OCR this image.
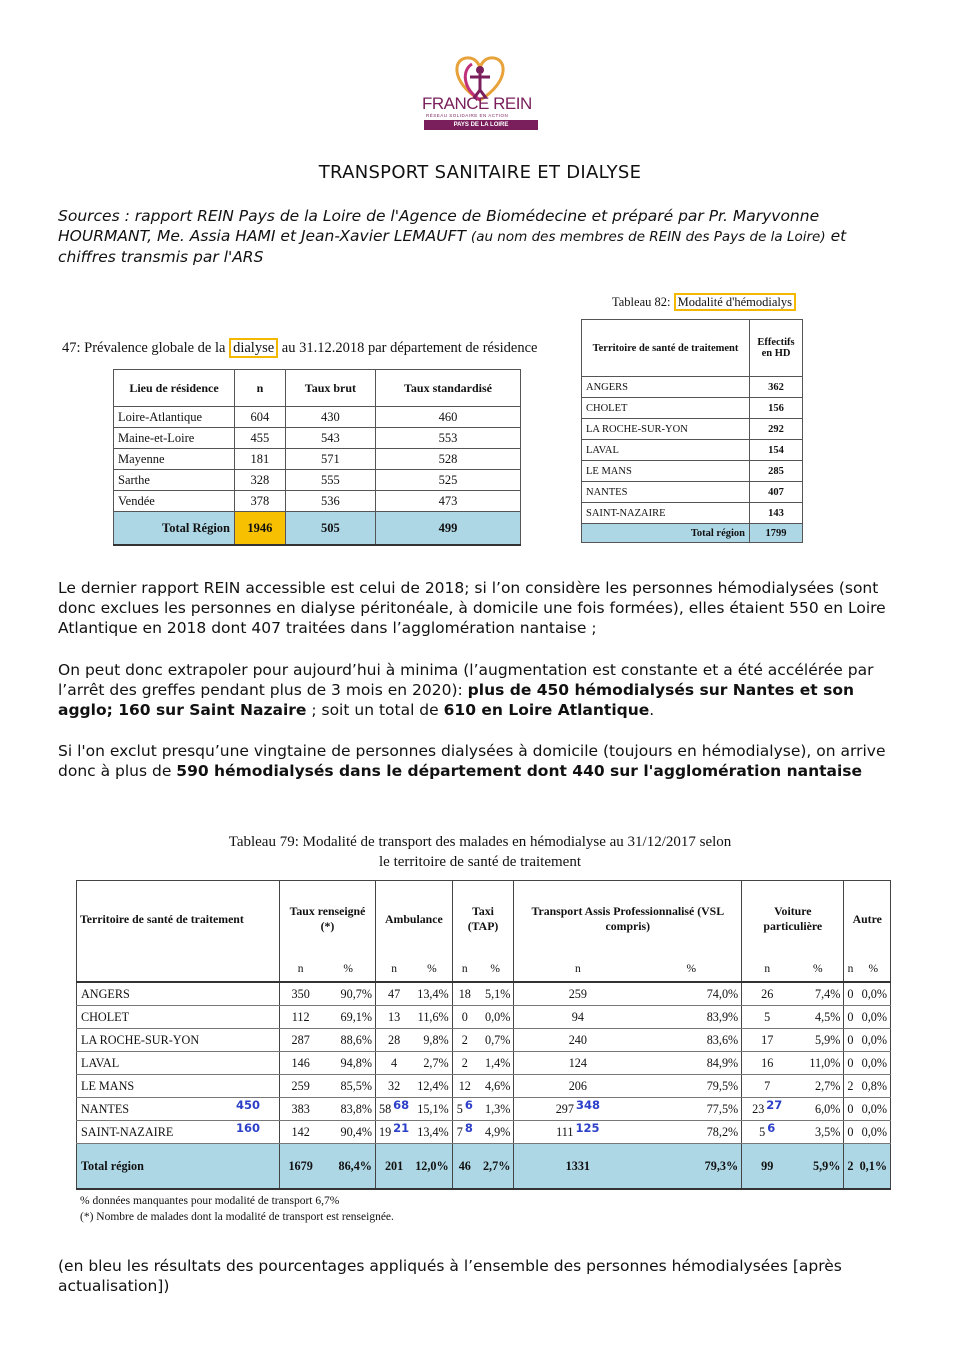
FRANCE REIN
RÉSEAU SOLIDAIRE EN ACTION
PAYS DE LA LOIRE
TRANSPORT SANITAIRE ET DIALYSE
Sources : rapport REIN Pays de la Loire de l'Agence de Biomédecine et préparé par Pr. Maryvonne HOURMANT, Me. Assia HAMI et Jean-Xavier LEMAUFT (au nom des membres de REIN des Pays de la Loire) et chiffres transmis par l'ARS
47: Prévalence globale de la dialyse au 31.12.2018 par département de résidence
Lieu de résidence	n	Taux brut	Taux standardisé
Loire-Atlantique	604	430	460
Maine-et-Loire	455	543	553
Mayenne	181	571	528
Sarthe	328	555	525
Vendée	378	536	473
Total Région	1946	505	499
Tableau 82: Modalité d'hémodialys
Territoire de santé de traitement	Effectifs en HD
ANGERS	362
CHOLET	156
LA ROCHE-SUR-YON	292
LAVAL	154
LE MANS	285
NANTES	407
SAINT-NAZAIRE	143
Total région	1799
Le dernier rapport REIN accessible est celui de 2018; si l’on considère les personnes hémodialysées (sont donc exclues les personnes en dialyse péritonéale, à domicile une fois formées), elles étaient 550 en Loire Atlantique en 2018 dont 407 traitées dans l’agglomération nantaise ;
On peut donc extrapoler pour aujourd’hui à minima (l’augmentation est constante et a été accélérée par l’arrêt des greffes pendant plus de 3 mois en 2020): plus de 450 hémodialysés sur Nantes et son agglo; 160 sur Saint Nazaire ; soit un total de 610 en Loire Atlantique.
Si l'on exclut presqu’une vingtaine de personnes dialysées à domicile (toujours en hémodialyse), on arrive donc à plus de 590 hémodialysés dans le département dont 440 sur l'agglomération nantaise
Tableau 79: Modalité de transport des malades en hémodialyse au 31/12/2017 selon
le territoire de santé de traitement
Territoire de santé de traitement	Taux renseigné (*)		Ambulance		Taxi (TAP)		Transport Assis Professionnalisé (VSL compris)		Voiture particulière		Autre	
	n	%	n	%	n	%	n	%	n	%	n	%
ANGERS	350	90,7%	47	13,4%	18	5,1%	259	74,0%	26	7,4%	0	0,0%
CHOLET	112	69,1%	13	11,6%	0	0,0%	94	83,9%	5	4,5%	0	0,0%
LA ROCHE-SUR-YON	287	88,6%	28	9,8%	2	0,7%	240	83,6%	17	5,9%	0	0,0%
LAVAL	146	94,8%	4	2,7%	2	1,4%	124	84,9%	16	11,0%	0	0,0%
LE MANS	259	85,5%	32	12,4%	12	4,6%	206	79,5%	7	2,7%	2	0,8%
NANTES 450	383	83,8%	58 68	15,1%	5 6	1,3%	297 348	77,5%	23 27	6,0%	0	0,0%
SAINT-NAZAIRE 160	142	90,4%	19 21	13,4%	7 8	4,9%	111 125	78,2%	5 6	3,5%	0	0,0%
Total région	1679	86,4%	201	12,0%	46	2,7%	1331	79,3%	99	5,9%	2	0,1%
% données manquantes pour modalité de transport 6,7%
(*) Nombre de malades dont la modalité de transport est renseignée.
(en bleu les résultats des pourcentages appliqués à l’ensemble des personnes hémodialysées [après actualisation])
